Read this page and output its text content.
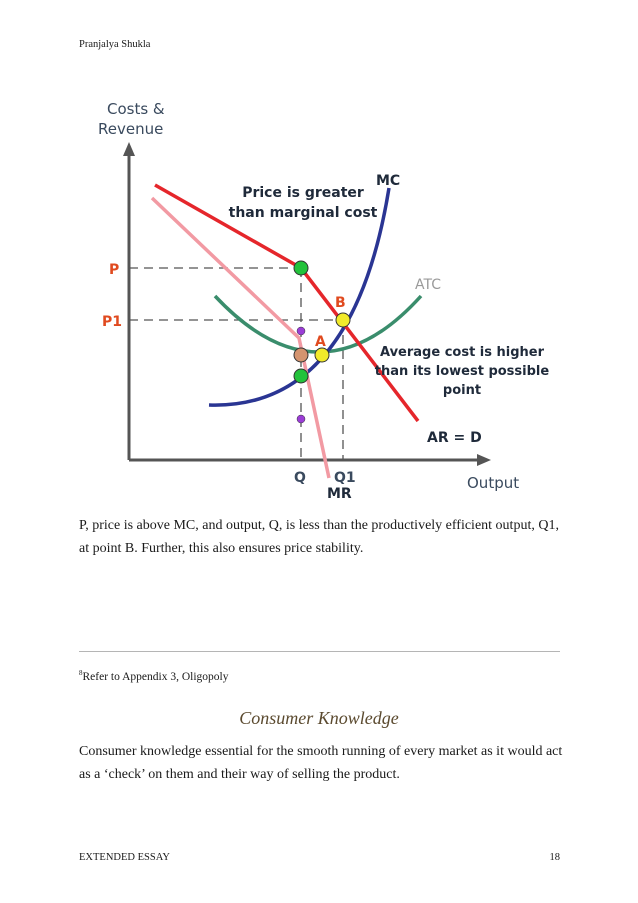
Pranjalya Shukla
Costs &
Revenue
Output
P
P1
Q Q1
MC
ATC
MR
AR = D
A
B
Price is greater
than marginal cost
Average cost is higher
than its lowest possible
point
P, price is above MC, and output, Q, is less than the productively efficient output, Q1, at point B. Further, this also ensures price stability.
$^8$Refer to Appendix 3, Oligopoly
Consumer Knowledge
Consumer knowledge essential for the smooth running of every market as it would act as a ‘check’ on them and their way of selling the product.
EXTENDED ESSAY	18
